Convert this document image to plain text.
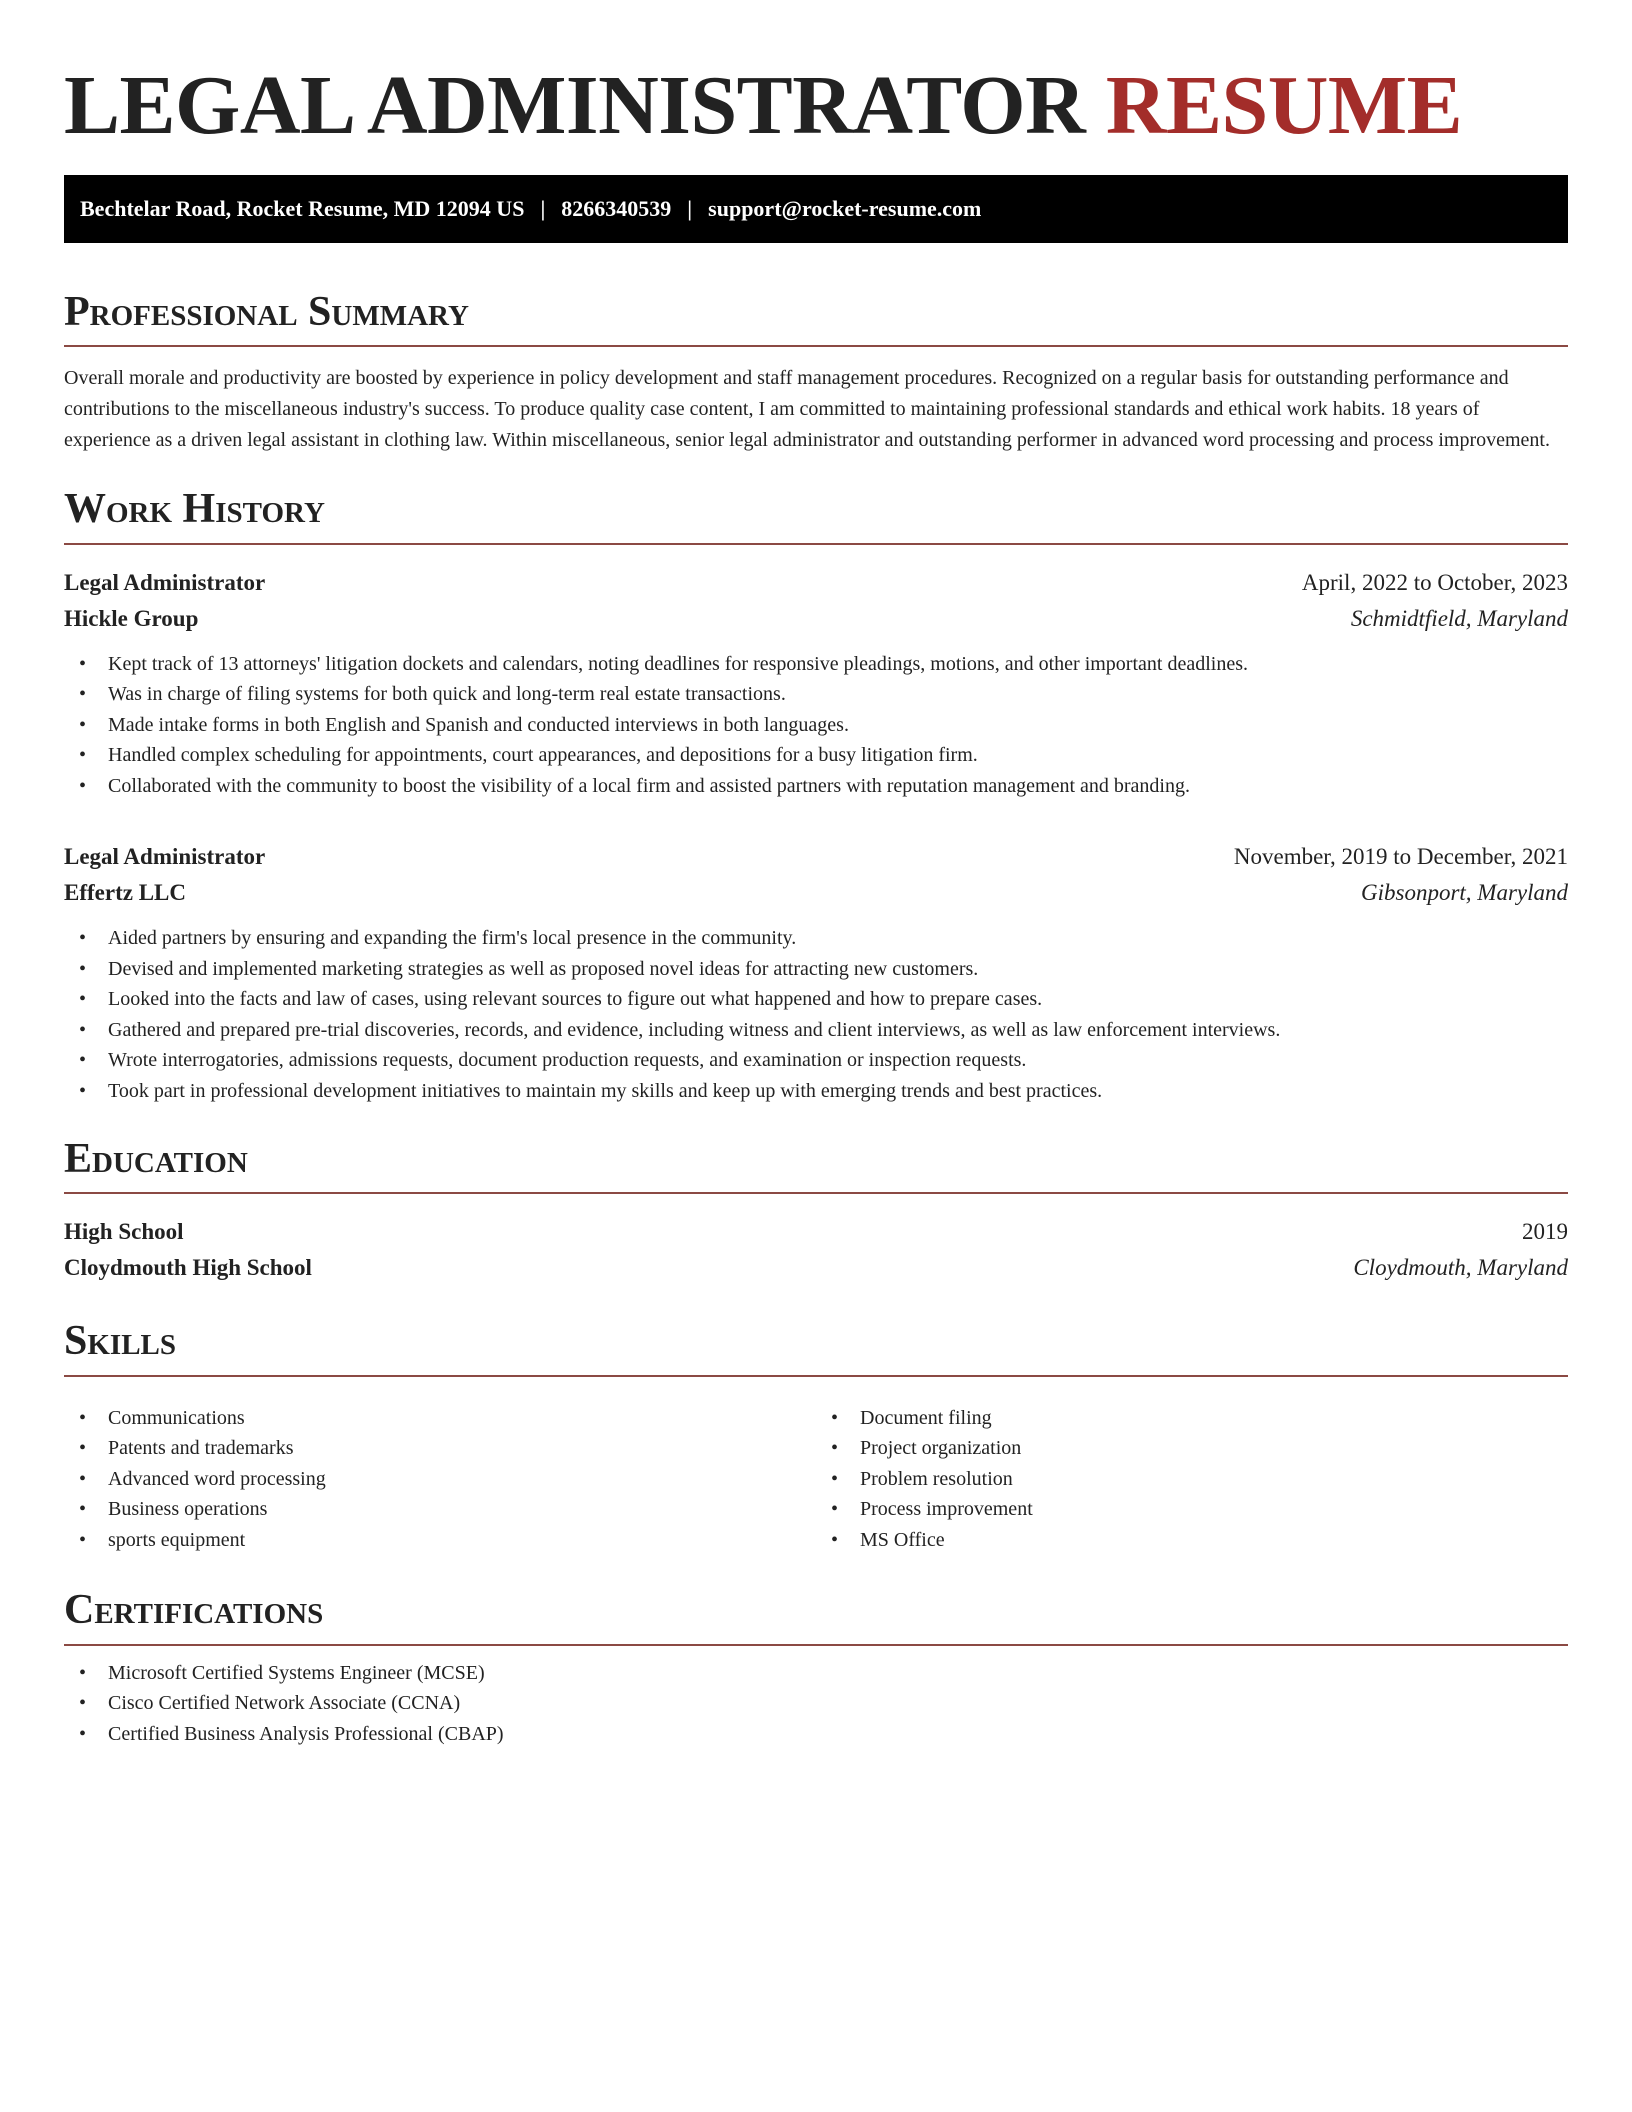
LEGAL ADMINISTRATOR RESUME
Bechtelar Road, Rocket Resume, MD 12094 US | 8266340539 | support@rocket-resume.com
Professional Summary

Overall morale and productivity are boosted by experience in policy development and staff management procedures. Recognized on a regular basis for outstanding performance and contributions to the miscellaneous industry's success. To produce quality case content, I am committed to maintaining professional standards and ethical work habits. 18 years of experience as a driven legal assistant in clothing law. Within miscellaneous, senior legal administrator and outstanding performer in advanced word processing and process improvement.

Work History
Legal Administrator	April, 2022 to October, 2023
Hickle Group	Schmidtfield, Maryland
• Kept track of 13 attorneys' litigation dockets and calendars, noting deadlines for responsive pleadings, motions, and other important deadlines.
• Was in charge of filing systems for both quick and long-term real estate transactions.
• Made intake forms in both English and Spanish and conducted interviews in both languages.
• Handled complex scheduling for appointments, court appearances, and depositions for a busy litigation firm.
• Collaborated with the community to boost the visibility of a local firm and assisted partners with reputation management and branding.
Legal Administrator	November, 2019 to December, 2021
Effertz LLC	Gibsonport, Maryland
• Aided partners by ensuring and expanding the firm's local presence in the community.
• Devised and implemented marketing strategies as well as proposed novel ideas for attracting new customers.
• Looked into the facts and law of cases, using relevant sources to figure out what happened and how to prepare cases.
• Gathered and prepared pre-trial discoveries, records, and evidence, including witness and client interviews, as well as law enforcement interviews.
• Wrote interrogatories, admissions requests, document production requests, and examination or inspection requests.
• Took part in professional development initiatives to maintain my skills and keep up with emerging trends and best practices.
Education
High School	2019
Cloydmouth High School	Cloydmouth, Maryland
Skills
• Communications
• Patents and trademarks
• Advanced word processing
• Business operations
• sports equipment
• Document filing
• Project organization
• Problem resolution
• Process improvement
• MS Office
Certifications
• Microsoft Certified Systems Engineer (MCSE)
• Cisco Certified Network Associate (CCNA)
• Certified Business Analysis Professional (CBAP)
